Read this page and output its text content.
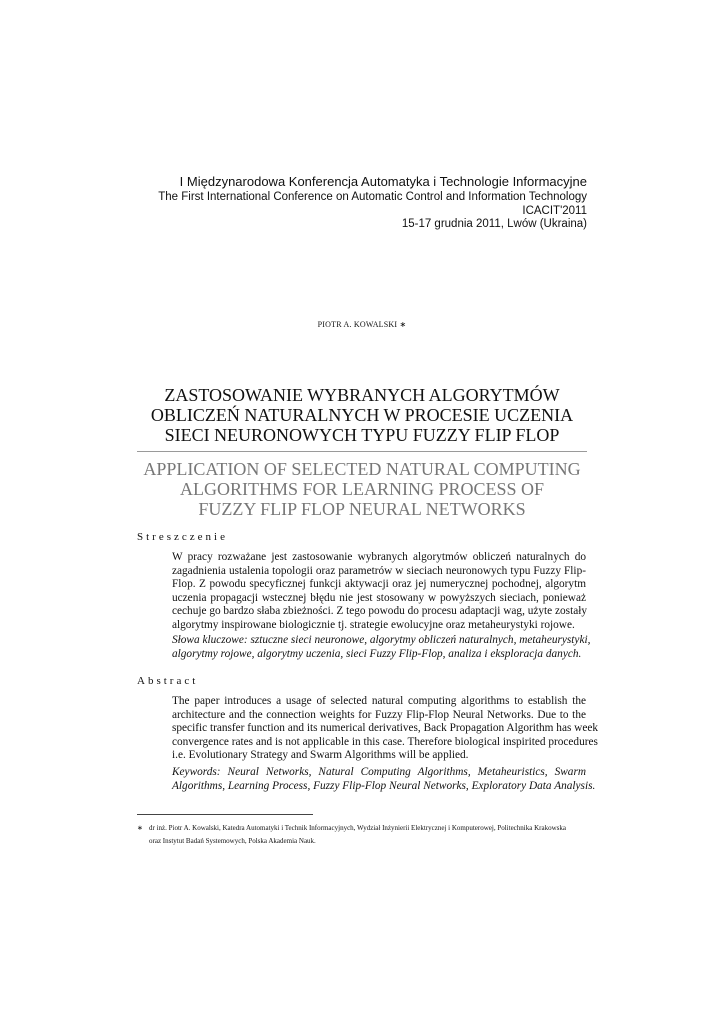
I Międzynarodowa Konferencja Automatyka i Technologie Informacyjne
The First International Conference on Automatic Control and Information Technology
ICACIT'2011
15-17 grudnia 2011, Lwów (Ukraina)
PIOTR A. KOWALSKI ∗
ZASTOSOWANIE WYBRANYCH ALGORYTMÓW
OBLICZEŃ NATURALNYCH W PROCESIE UCZENIA
SIECI NEURONOWYCH TYPU FUZZY FLIP FLOP
APPLICATION OF SELECTED NATURAL COMPUTING
ALGORITHMS FOR LEARNING PROCESS OF
FUZZY FLIP FLOP NEURAL NETWORKS
Streszczenie
W pracy rozważane jest zastosowanie wybranych algorytmów obliczeń naturalnych do
zagadnienia ustalenia topologii oraz parametrów w sieciach neuronowych typu Fuzzy Flip-
Flop. Z powodu specyficznej funkcji aktywacji oraz jej numerycznej pochodnej, algorytm
uczenia propagacji wstecznej błędu nie jest stosowany w powyższych sieciach, ponieważ
cechuje go bardzo słaba zbieżności. Z tego powodu do procesu adaptacji wag, użyte zostały
algorytmy inspirowane biologicznie tj. strategie ewolucyjne oraz metaheurystyki rojowe.
Słowa kluczowe: sztuczne sieci neuronowe, algorytmy obliczeń naturalnych, metaheurystyki,
algorytmy rojowe, algorytmy uczenia, sieci Fuzzy Flip-Flop, analiza i eksploracja danych.
Abstract
The paper introduces a usage of selected natural computing algorithms to establish the
architecture and the connection weights for Fuzzy Flip-Flop Neural Networks. Due to the
specific transfer function and its numerical derivatives, Back Propagation Algorithm has week
convergence rates and is not applicable in this case. Therefore biological inspirited procedures
i.e. Evolutionary Strategy and Swarm Algorithms will be applied.
Keywords: Neural Networks, Natural Computing Algorithms, Metaheuristics, Swarm
Algorithms, Learning Process, Fuzzy Flip-Flop Neural Networks, Exploratory Data Analysis.
∗ dr inż. Piotr A. Kowalski, Katedra Automatyki i Technik Informacyjnych, Wydział Inżynierii Elektrycznej i Komputerowej, Politechnika Krakowska
oraz Instytut Badań Systemowych, Polska Akademia Nauk.
